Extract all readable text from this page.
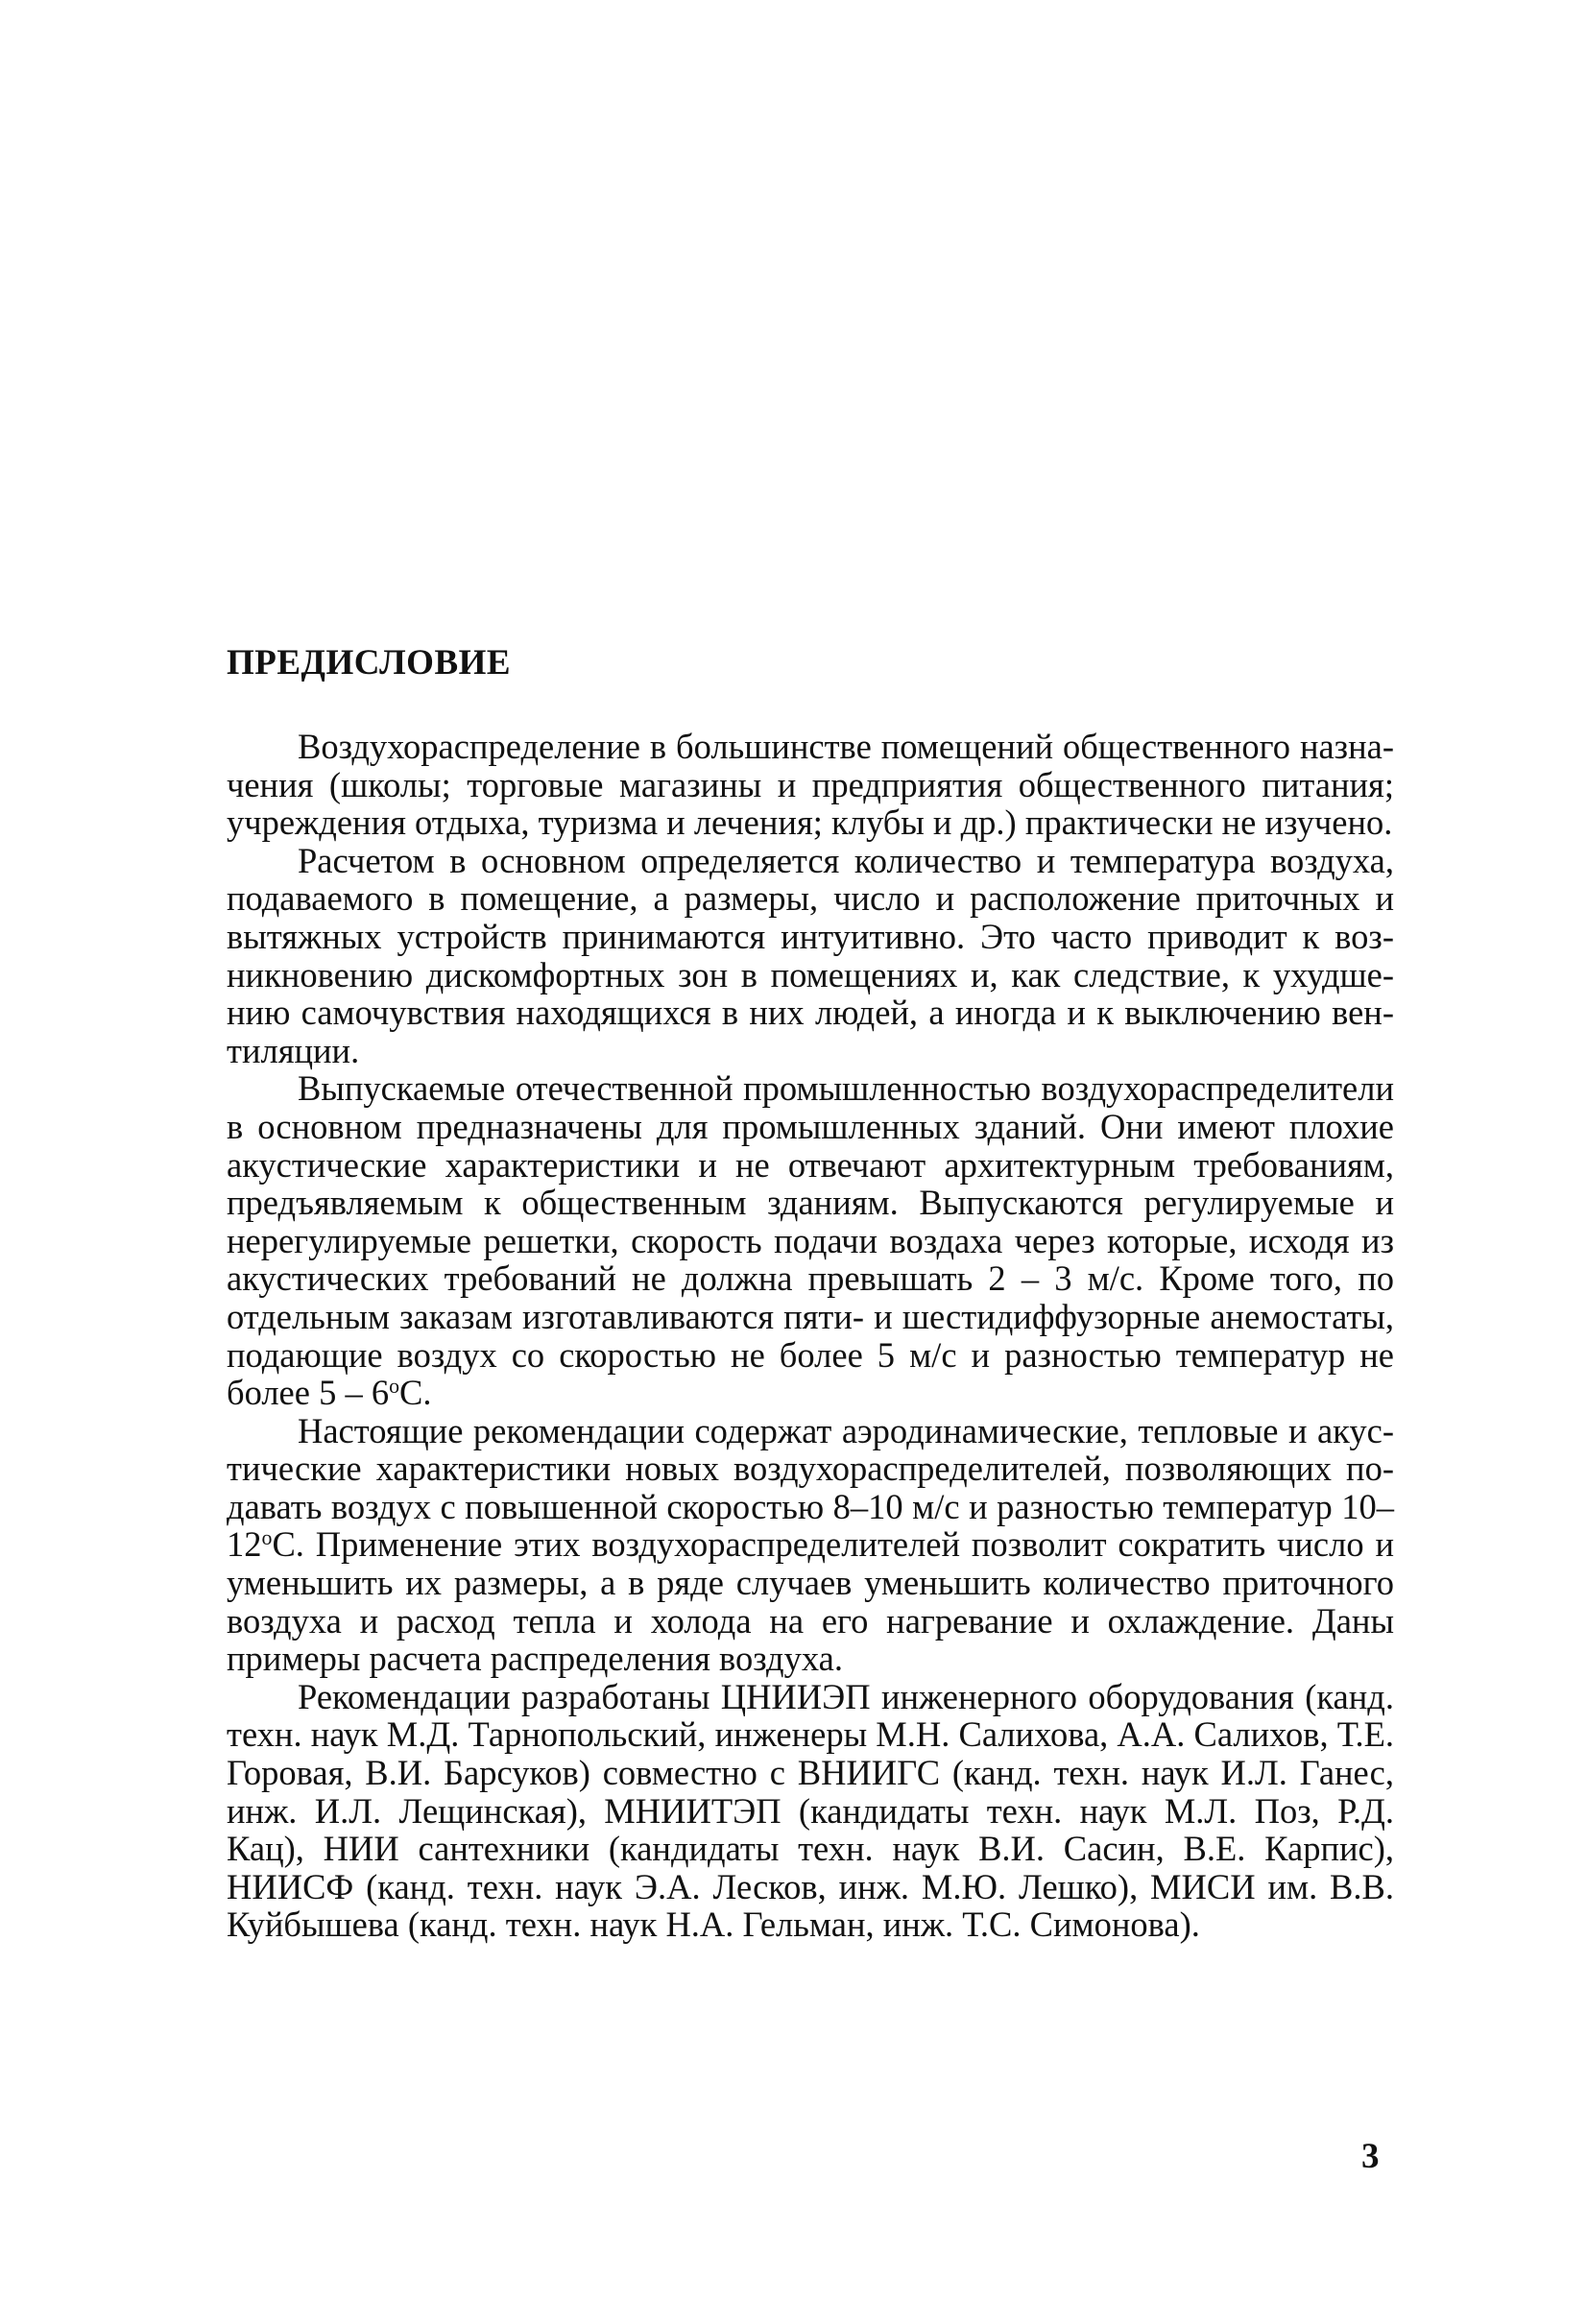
ПРЕДИСЛОВИЕ

Воздухораспределение в большинстве помещений общественного назначения (школы; торговые магазины и предприятия общественного питания; учреждения отдыха, туризма и лечения; клубы и др.) практически не изучено.

Расчетом в основном определяется количество и температура воздуха, подаваемого в помещение, а размеры, число и расположение приточных и вытяжных устройств принимаются интуитивно. Это часто приводит к возникновению дискомфортных зон в помещениях и, как следствие, к ухудшению самочувствия находящихся в них людей, а иногда и к выключению вентиляции.

Выпускаемые отечественной промышленностью воздухораспределители в основном предназначены для промышленных зданий. Они имеют плохие акустические характеристики и не отвечают архитектурным требованиям, предъявляемым к общественным зданиям. Выпускаются регулируемые и нерегулируемые решетки, скорость подачи воздаха через которые, исходя из акустических требований не должна превышать 2 – 3 м/с. Кроме того, по отдельным заказам изготавливаются пяти- и шестидиффузорные анемостаты, подающие воздух со скоростью не более 5 м/с и разностью температур не более $5 - 6^оС$.

Настоящие рекомендации содержат аэродинамические, тепловые и акустические характеристики новых воздухораспределителей, позволяющих подавать воздух с повышенной скоростью 8–10 м/с и разностью температур $10-12^оС$. Применение этих воздухораспределителей позволит сократить число и уменьшить их размеры, а в ряде случаев уменьшить количество приточного воздуха и расход тепла и холода на его нагревание и охлаждение. Даны примеры расчета распределения воздуха.

Рекомендации разработаны ЦНИИЭП инженерного оборудования (канд. техн. наук М.Д. Тарнопольский, инженеры М.Н. Салихова, А.А. Салихов, Т.Е. Горовая, В.И. Барсуков) совместно с ВНИИГС (канд. техн. наук И.Л. Ганес, инж. И.Л. Лещинская), МНИИТЭП (кандидаты техн. наук М.Л. Поз, Р.Д. Кац), НИИ сантехники (кандидаты техн. наук В.И. Сасин, В.Е. Карпис), НИИСФ (канд. техн. наук Э.А. Лесков, инж. М.Ю. Лешко), МИСИ им. В.В. Куйбышева (канд. техн. наук Н.А. Гельман, инж. Т.С. Симонова).

3
